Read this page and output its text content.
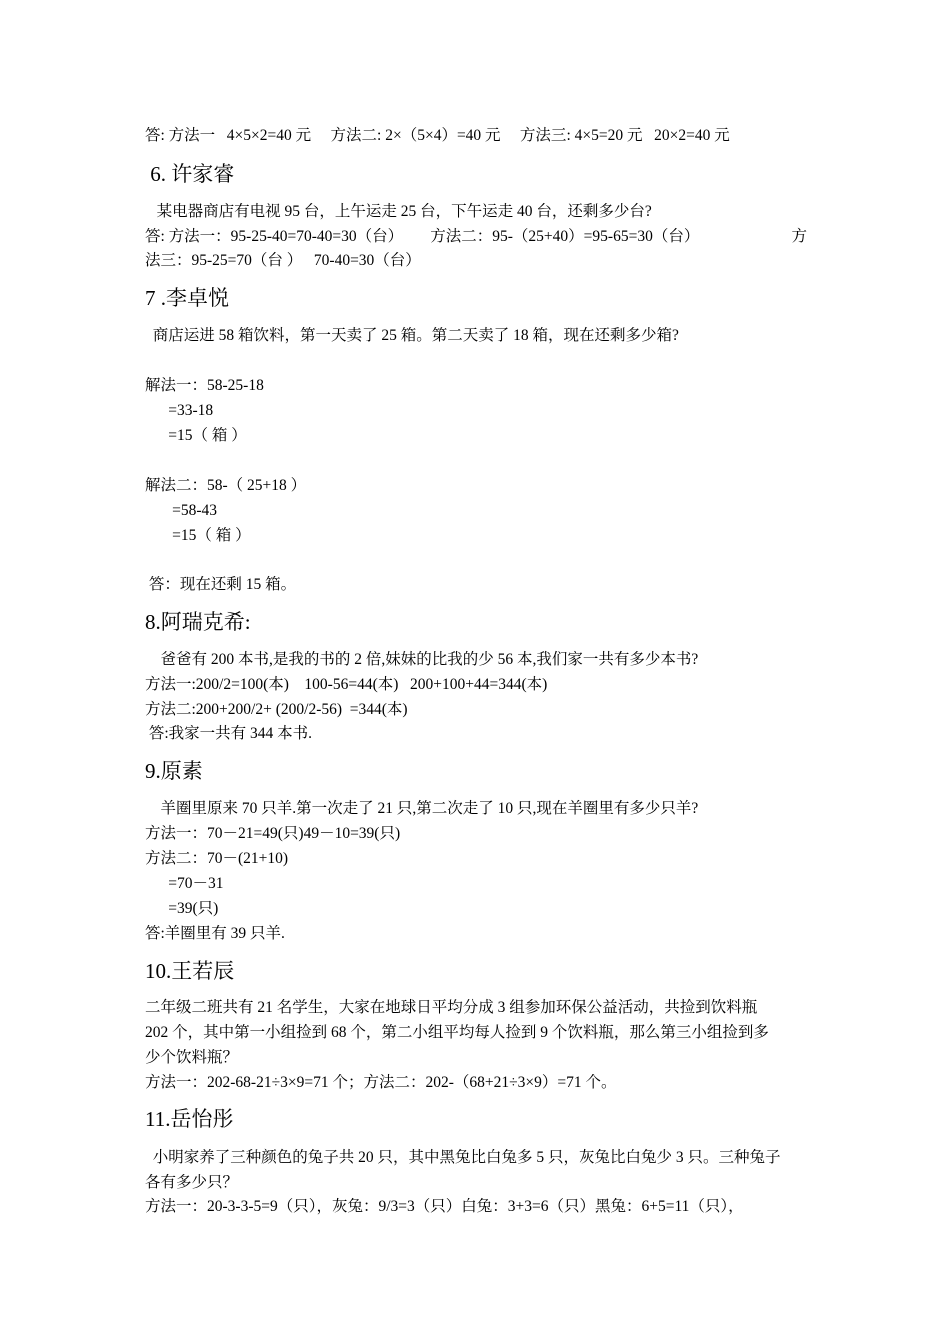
答: 方法一   4×5×2=40 元     方法二: 2×（5×4）=40 元     方法三: 4×5=20 元   20×2=40 元
6. 许家睿
某电器商店有电视 95 台，上午运走 25 台，下午运走 40 台，还剩多少台?
答: 方法一：95-25-40=70-40=30（台）       方法二：95-（25+40）=95-65=30（台）	方
法三：95-25=70（台 ）   70-40=30（台）
7 .李卓悦
商店运进 58 箱饮料，第一天卖了 25 箱。第二天卖了 18 箱，现在还剩多少箱?
解法一：58-25-18
=33-18
=15（ 箱 ）
解法二：58-（ 25+18 ）
=58-43
=15（ 箱 ）
答：现在还剩 15 箱。
8.阿瑞克希:
爸爸有 200 本书,是我的书的 2 倍,妹妹的比我的少 56 本,我们家一共有多少本书?
方法一:200/2=100(本)    100-56=44(本)   200+100+44=344(本)
方法二:200+200/2+ (200/2-56)  =344(本)
答:我家一共有 344 本书.
9.原素
羊圈里原来 70 只羊.第一次走了 21 只,第二次走了 10 只,现在羊圈里有多少只羊?
方法一：70－21=49(只)49－10=39(只)
方法二：70－(21+10)
=70－31
=39(只)
答:羊圈里有 39 只羊.
10.王若辰
二年级二班共有 21 名学生，大家在地球日平均分成 3 组参加环保公益活动，共捡到饮料瓶
202 个，其中第一小组捡到 68 个，第二小组平均每人捡到 9 个饮料瓶，那么第三小组捡到多
少个饮料瓶？
方法一：202-68-21÷3×9=71 个；方法二：202-（68+21÷3×9）=71 个。
11.岳怡彤
小明家养了三种颜色的兔子共 20 只，其中黑兔比白兔多 5 只，灰兔比白兔少 3 只。三种兔子
各有多少只？
方法一：20-3-3-5=9（只），灰兔：9/3=3（只）白兔：3+3=6（只）黑兔：6+5=11（只），
